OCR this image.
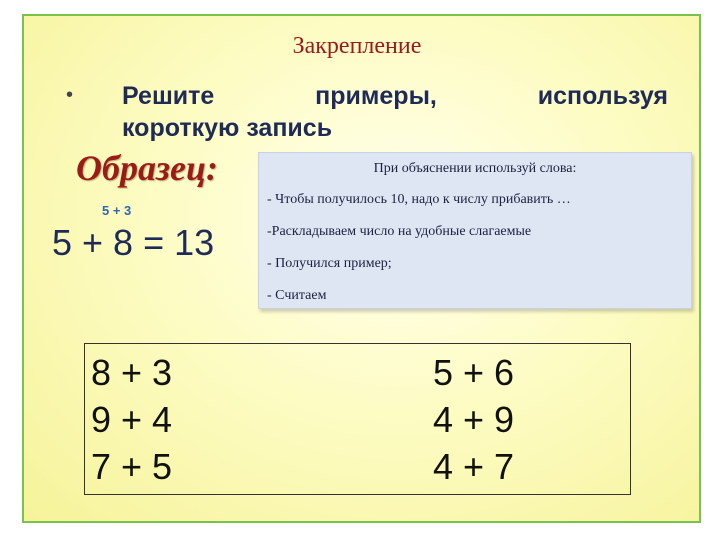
Закрепление
• Решите	примеры,	используя
короткую запись
Образец:
5 + 3
5 + 8 = 13
При объяснении используй слова:
- Чтобы получилось 10, надо к числу прибавить …
-Раскладываем число на удобные слагаемые
- Получился пример;
- Считаем
8 + 3
9 + 4
7 + 5
5 + 6
4 + 9
4 + 7
